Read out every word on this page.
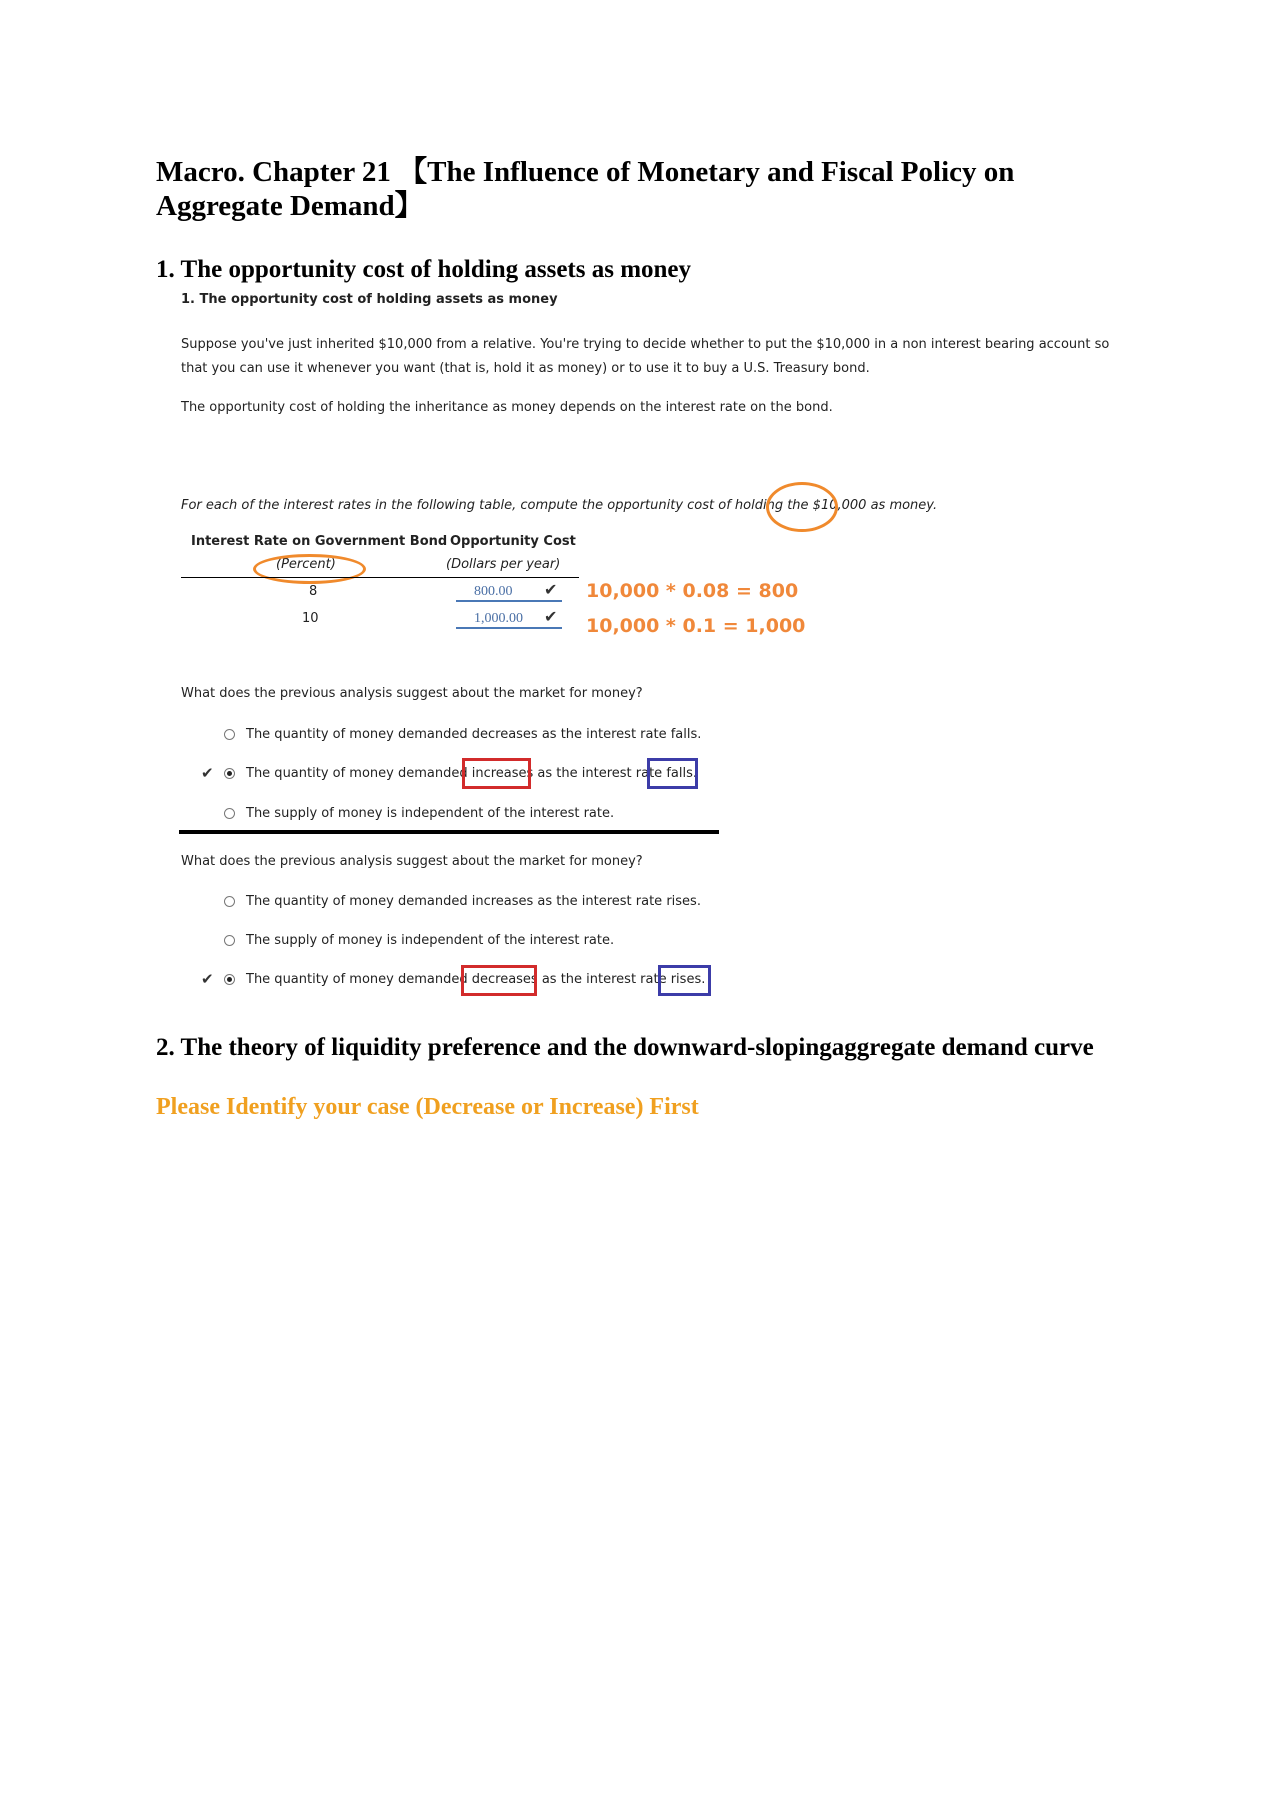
Macro. Chapter 21 【The Influence of Monetary and Fiscal Policy on Aggregate Demand】
1. The opportunity cost of holding assets as money
1. The opportunity cost of holding assets as money
Suppose you've just inherited $10,000 from a relative. You're trying to decide whether to put the $10,000 in a non interest bearing account so that you can use it whenever you want (that is, hold it as money) or to use it to buy a U.S. Treasury bond.
The opportunity cost of holding the inheritance as money depends on the interest rate on the bond.
For each of the interest rates in the following table, compute the opportunity cost of holding the $10,000 as money.
Interest Rate on Government Bond Opportunity Cost
(Percent)	(Dollars per year)
8	800.00 ✔ 10,000 * 0.08 = 800
10	1,000.00 ✔ 10,000 * 0.1 = 1,000
What does the previous analysis suggest about the market for money?
The quantity of money demanded decreases as the interest rate falls.
✔ The quantity of money demanded increases as the interest rate falls.
The supply of money is independent of the interest rate.
What does the previous analysis suggest about the market for money?
The quantity of money demanded increases as the interest rate rises.
The supply of money is independent of the interest rate.
✔ The quantity of money demanded decreases as the interest rate rises.
2. The theory of liquidity preference and the downward-slopingaggregate demand curve
Please Identify your case (Decrease or Increase) First
